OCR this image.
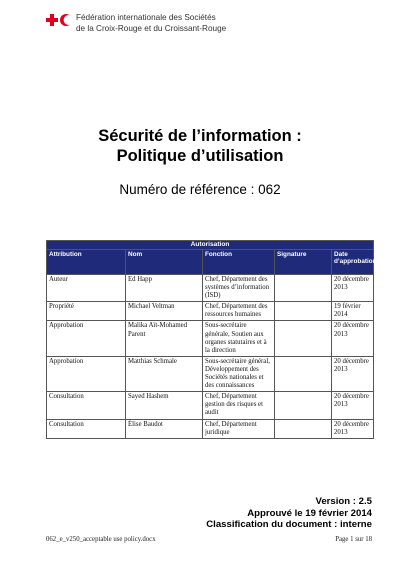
Fédération internationale des Sociétés
de la Croix-Rouge et du Croissant-Rouge
Sécurité de l’information :
Politique d’utilisation
Numéro de référence : 062
Autorisation				
Attribution	Nom	Fonction	Signature	Date d’approbation
Auteur	Ed Happ	Chef, Département des systèmes d’information (ISD)		20 décembre 2013
Propriété	Michael Veltman	Chef, Département des ressources humaines		19 février 2014
Approbation	Malika Aït-Mohamed Parent	Sous-secrétaire générale, Soutien aux organes statutaires et à la direction		20 décembre 2013
Approbation	Matthias Schmale	Sous-secrétaire général, Développement des Sociétés nationales et des connaissances		20 décembre 2013
Consultation	Sayed Hashem	Chef, Département gestion des risques et audit		20 décembre 2013
Consultation	Élise Baudot	Chef, Département juridique		20 décembre 2013
Version : 2.5
Approuvé le 19 février 2014
Classification du document : interne
062_e_v250_acceptable use policy.docx	Page 1 sur 18
